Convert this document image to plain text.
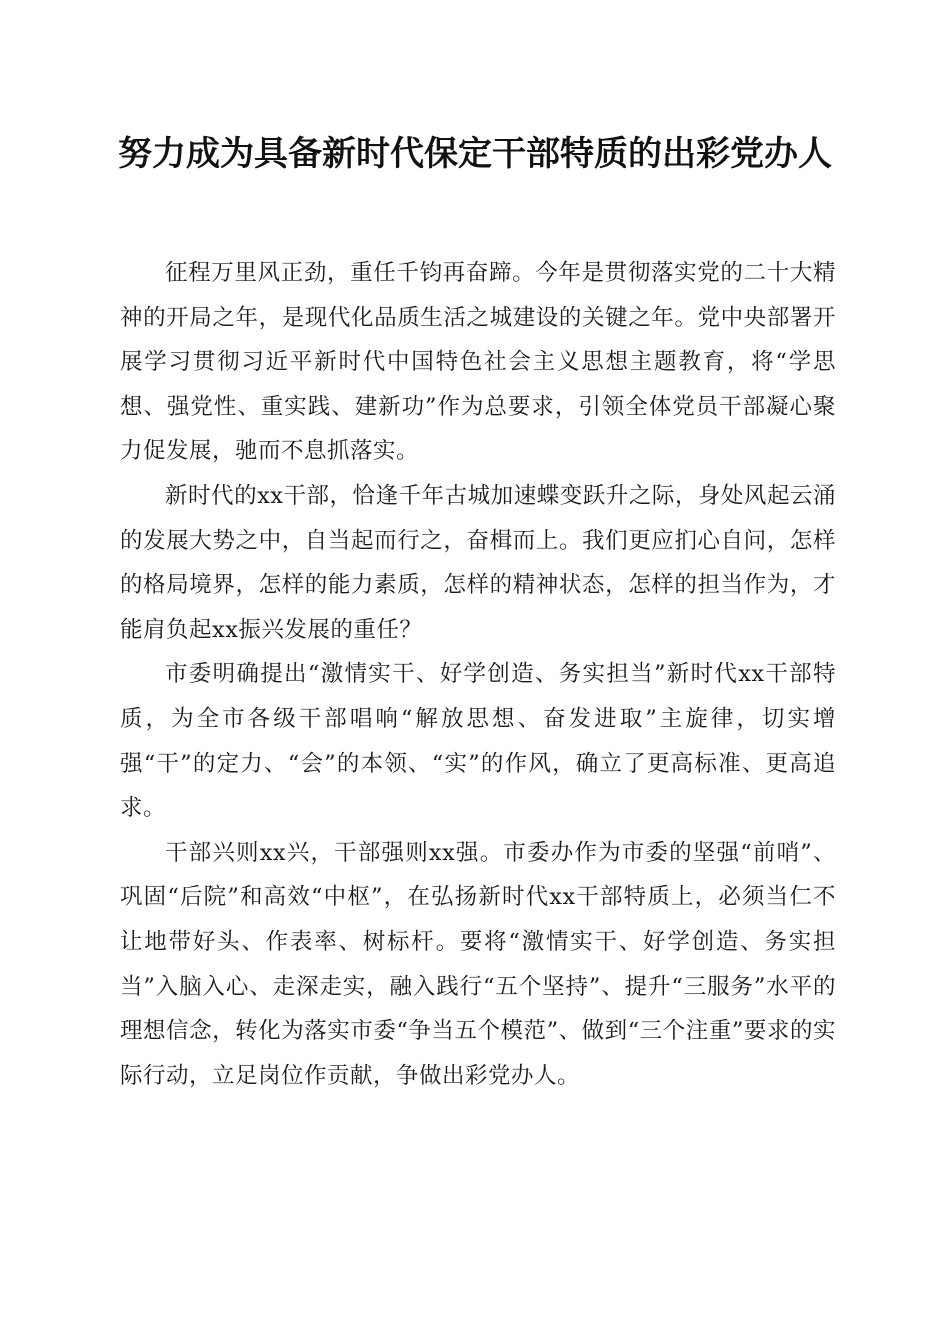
努力成为具备新时代保定干部特质的出彩党办人

征程万里风正劲，重任千钧再奋蹄。今年是贯彻落实党的二十大精神的开局之年，是现代化品质生活之城建设的关键之年。党中央部署开展学习贯彻习近平新时代中国特色社会主义思想主题教育，将“学思想、强党性、重实践、建新功”作为总要求，引领全体党员干部凝心聚力促发展，驰而不息抓落实。

新时代的xx干部，恰逢千年古城加速蝶变跃升之际，身处风起云涌的发展大势之中，自当起而行之，奋楫而上。我们更应扪心自问，怎样的格局境界，怎样的能力素质，怎样的精神状态，怎样的担当作为，才能肩负起xx振兴发展的重任？

市委明确提出“激情实干、好学创造、务实担当”新时代xx干部特质，为全市各级干部唱响“解放思想、奋发进取”主旋律，切实增强“干”的定力、“会”的本领、“实”的作风，确立了更高标准、更高追求。

干部兴则xx兴，干部强则xx强。市委办作为市委的坚强“前哨”、巩固“后院”和高效“中枢”，在弘扬新时代xx干部特质上，必须当仁不让地带好头、作表率、树标杆。要将“激情实干、好学创造、务实担当”入脑入心、走深走实，融入践行“五个坚持”、提升“三服务”水平的理想信念，转化为落实市委“争当五个模范”、做到“三个注重”要求的实际行动，立足岗位作贡献，争做出彩党办人。
